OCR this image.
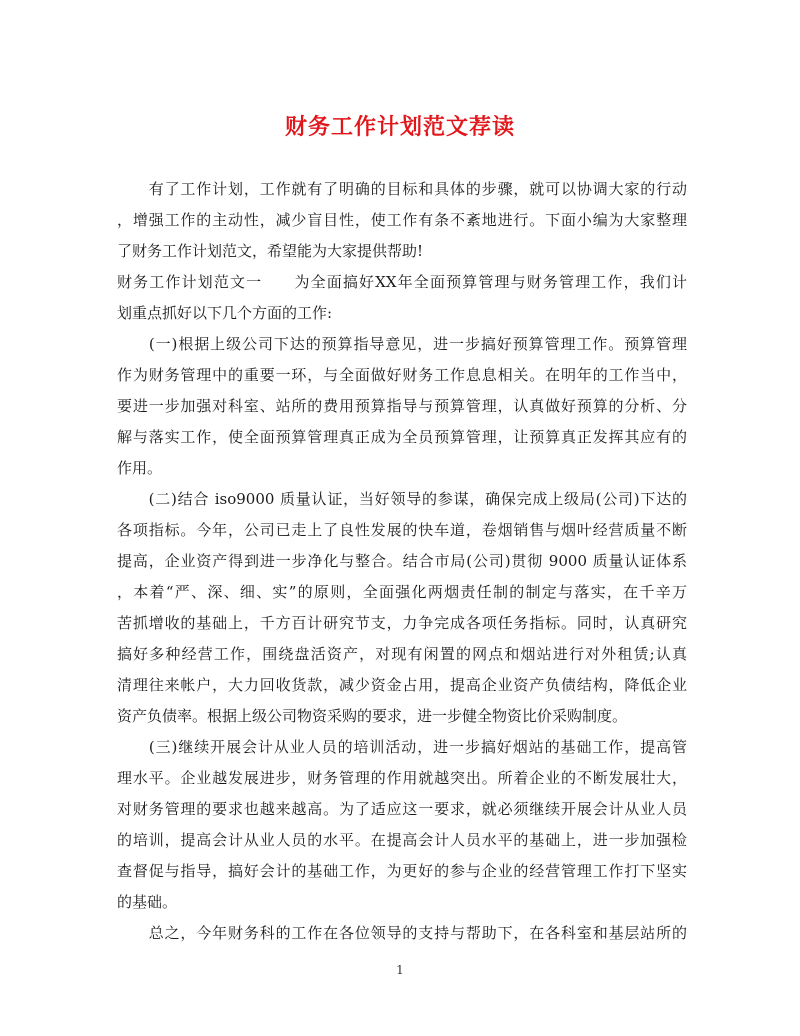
财务工作计划范文荐读
　　有了工作计划，工作就有了明确的目标和具体的步骤，就可以协调大家的行动
，增强工作的主动性，减少盲目性，使工作有条不紊地进行。下面小编为大家整理
了财务工作计划范文，希望能为大家提供帮助!
财务工作计划范文一　　为全面搞好XX年全面预算管理与财务管理工作，我们计
划重点抓好以下几个方面的工作:
　　(一)根据上级公司下达的预算指导意见，进一步搞好预算管理工作。预算管理
作为财务管理中的重要一环，与全面做好财务工作息息相关。在明年的工作当中，
要进一步加强对科室、站所的费用预算指导与预算管理，认真做好预算的分析、分
解与落实工作，使全面预算管理真正成为全员预算管理，让预算真正发挥其应有的
作用。
　　(二)结合 iso9000 质量认证，当好领导的参谋，确保完成上级局(公司)下达的
各项指标。今年，公司已走上了良性发展的快车道，卷烟销售与烟叶经营质量不断
提高，企业资产得到进一步净化与整合。结合市局(公司)贯彻 9000 质量认证体系
，本着“严、深、细、实”的原则，全面强化两烟责任制的制定与落实，在千辛万
苦抓增收的基础上，千方百计研究节支，力争完成各项任务指标。同时，认真研究
搞好多种经营工作，围绕盘活资产，对现有闲置的网点和烟站进行对外租赁;认真
清理往来帐户，大力回收货款，减少资金占用，提高企业资产负债结构，降低企业
资产负债率。根据上级公司物资采购的要求，进一步健全物资比价采购制度。
　　(三)继续开展会计从业人员的培训活动，进一步搞好烟站的基础工作，提高管
理水平。企业越发展进步，财务管理的作用就越突出。所着企业的不断发展壮大，
对财务管理的要求也越来越高。为了适应这一要求，就必须继续开展会计从业人员
的培训，提高会计从业人员的水平。在提高会计人员水平的基础上，进一步加强检
查督促与指导，搞好会计的基础工作，为更好的参与企业的经营管理工作打下坚实
的基础。
　　总之，今年财务科的工作在各位领导的支持与帮助下，在各科室和基层站所的
1
